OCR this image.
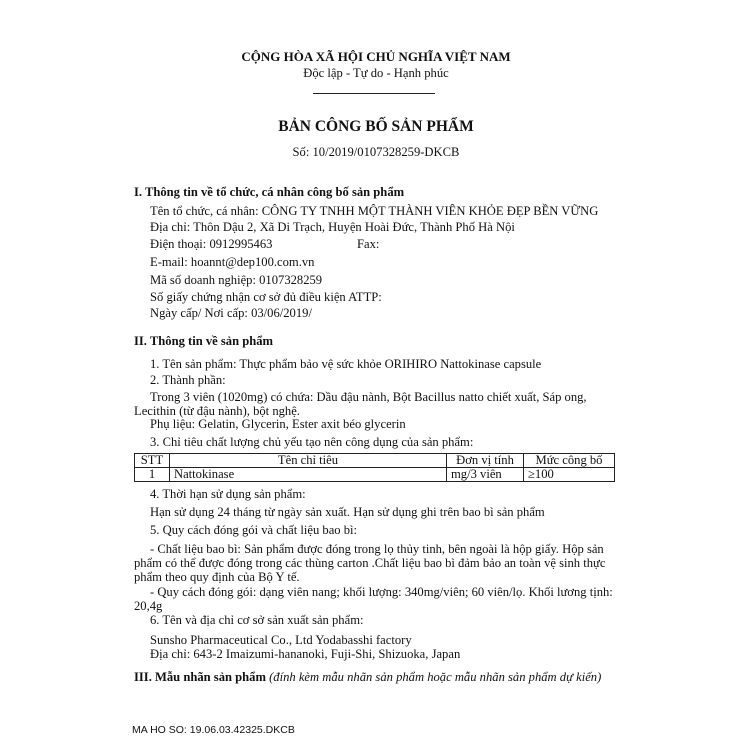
CỘNG HÒA XÃ HỘI CHỦ NGHĨA VIỆT NAM
Độc lập - Tự do - Hạnh phúc
BẢN CÔNG BỐ SẢN PHẨM
Số: 10/2019/0107328259-DKCB
I. Thông tin về tổ chức, cá nhân công bố sản phẩm
Tên tổ chức, cá nhân: CÔNG TY TNHH MỘT THÀNH VIÊN KHỎE ĐẸP BỀN VỮNG
Địa chỉ: Thôn Dậu 2, Xã Di Trạch, Huyện Hoài Đức, Thành Phố Hà Nội
Điện thoại: 0912995463	Fax:
E-mail: hoannt@dep100.com.vn
Mã số doanh nghiệp: 0107328259
Số giấy chứng nhận cơ sở đủ điều kiện ATTP:
Ngày cấp/ Nơi cấp: 03/06/2019/
II. Thông tin về sản phẩm
1. Tên sản phẩm: Thực phẩm bảo vệ sức khỏe ORIHIRO Nattokinase capsule
2. Thành phần:
Trong 3 viên (1020mg) có chứa: Dầu đậu nành, Bột Bacillus natto chiết xuất, Sáp ong,
Lecithin (từ đậu nành), bột nghệ.
Phụ liệu: Gelatin, Glycerin, Ester axit béo glycerin
3. Chỉ tiêu chất lượng chủ yếu tạo nên công dụng của sản phẩm:
STT	Tên chỉ tiêu	Đơn vị tính	Mức công bố
1	Nattokinase	mg/3 viên	≥100
4. Thời hạn sử dụng sản phẩm:
Hạn sử dụng 24 tháng từ ngày sản xuất. Hạn sử dụng ghi trên bao bì sản phẩm
5. Quy cách đóng gói và chất liệu bao bì:
- Chất liệu bao bì: Sản phẩm được đóng trong lọ thủy tinh, bên ngoài là hộp giấy. Hộp sản
phẩm có thể được đóng trong các thùng carton .Chất liệu bao bì đảm bảo an toàn vệ sinh thực
phẩm theo quy định của Bộ Y tế.
- Quy cách đóng gói: dạng viên nang; khối lượng: 340mg/viên; 60 viên/lọ. Khối lương tịnh:
20,4g
6. Tên và địa chỉ cơ sở sản xuất sản phẩm:
Sunsho Pharmaceutical Co., Ltd Yodabasshi factory
Địa chỉ: 643-2 Imaizumi-hananoki, Fuji-Shi, Shizuoka, Japan
III. Mẫu nhãn sản phẩm (đính kèm mẫu nhãn sản phẩm hoặc mẫu nhãn sản phẩm dự kiến)
MA HO SO: 19.06.03.42325.DKCB
